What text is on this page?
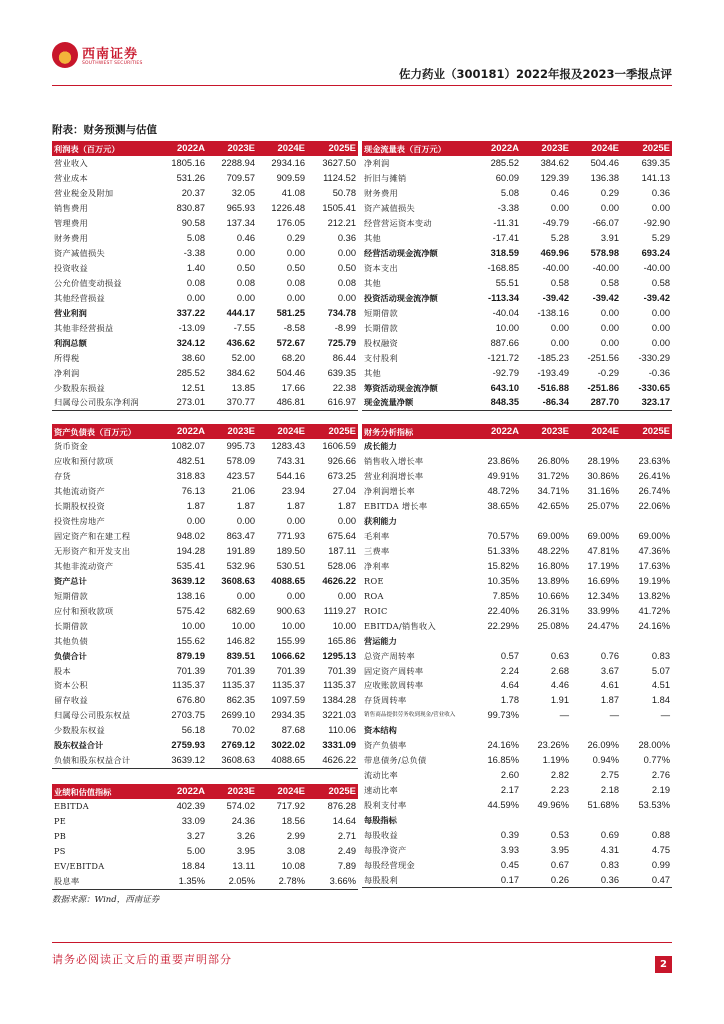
西南证券
SOUTHWEST SECURITIES
佐力药业（300181）2022年报及2023一季报点评
附表：财务预测与估值
利润表（百万元）	2022A	2023E	2024E	2025E
营业收入	1805.16	2288.94	2934.16	3627.50
营业成本	531.26	709.57	909.59	1124.52
营业税金及附加	20.37	32.05	41.08	50.78
销售费用	830.87	965.93	1226.48	1505.41
管理费用	90.58	137.34	176.05	212.21
财务费用	5.08	0.46	0.29	0.36
资产减值损失	-3.38	0.00	0.00	0.00
投资收益	1.40	0.50	0.50	0.50
公允价值变动损益	0.08	0.08	0.08	0.08
其他经营损益	0.00	0.00	0.00	0.00
营业利润	337.22	444.17	581.25	734.78
其他非经营损益	-13.09	-7.55	-8.58	-8.99
利润总额	324.12	436.62	572.67	725.79
所得税	38.60	52.00	68.20	86.44
净利润	285.52	384.62	504.46	639.35
少数股东损益	12.51	13.85	17.66	22.38
归属母公司股东净利润	273.01	370.77	486.81	616.97
现金流量表（百万元）	2022A	2023E	2024E	2025E
净利润	285.52	384.62	504.46	639.35
折旧与摊销	60.09	129.39	136.38	141.13
财务费用	5.08	0.46	0.29	0.36
资产减值损失	-3.38	0.00	0.00	0.00
经营营运资本变动	-11.31	-49.79	-66.07	-92.90
其他	-17.41	5.28	3.91	5.29
经营活动现金流净额	318.59	469.96	578.98	693.24
资本支出	-168.85	-40.00	-40.00	-40.00
其他	55.51	0.58	0.58	0.58
投资活动现金流净额	-113.34	-39.42	-39.42	-39.42
短期借款	-40.04	-138.16	0.00	0.00
长期借款	10.00	0.00	0.00	0.00
股权融资	887.66	0.00	0.00	0.00
支付股利	-121.72	-185.23	-251.56	-330.29
其他	-92.79	-193.49	-0.29	-0.36
筹资活动现金流净额	643.10	-516.88	-251.86	-330.65
现金流量净额	848.35	-86.34	287.70	323.17
资产负债表（百万元）	2022A	2023E	2024E	2025E
货币资金	1082.07	995.73	1283.43	1606.59
应收和预付款项	482.51	578.09	743.31	926.66
存货	318.83	423.57	544.16	673.25
其他流动资产	76.13	21.06	23.94	27.04
长期股权投资	1.87	1.87	1.87	1.87
投资性房地产	0.00	0.00	0.00	0.00
固定资产和在建工程	948.02	863.47	771.93	675.64
无形资产和开发支出	194.28	191.89	189.50	187.11
其他非流动资产	535.41	532.96	530.51	528.06
资产总计	3639.12	3608.63	4088.65	4626.22
短期借款	138.16	0.00	0.00	0.00
应付和预收款项	575.42	682.69	900.63	1119.27
长期借款	10.00	10.00	10.00	10.00
其他负债	155.62	146.82	155.99	165.86
负债合计	879.19	839.51	1066.62	1295.13
股本	701.39	701.39	701.39	701.39
资本公积	1135.37	1135.37	1135.37	1135.37
留存收益	676.80	862.35	1097.59	1384.28
归属母公司股东权益	2703.75	2699.10	2934.35	3221.03
少数股东权益	56.18	70.02	87.68	110.06
股东权益合计	2759.93	2769.12	3022.02	3331.09
负债和股东权益合计	3639.12	3608.63	4088.65	4626.22
业绩和估值指标	2022A	2023E	2024E	2025E
EBITDA	402.39	574.02	717.92	876.28
PE	33.09	24.36	18.56	14.64
PB	3.27	3.26	2.99	2.71
PS	5.00	3.95	3.08	2.49
EV/EBITDA	18.84	13.11	10.08	7.89
股息率	1.35%	2.05%	2.78%	3.66%
财务分析指标	2022A	2023E	2024E	2025E
成长能力				
销售收入增长率	23.86%	26.80%	28.19%	23.63%
营业利润增长率	49.91%	31.72%	30.86%	26.41%
净利润增长率	48.72%	34.71%	31.16%	26.74%
EBITDA 增长率	38.65%	42.65%	25.07%	22.06%
获利能力				
毛利率	70.57%	69.00%	69.00%	69.00%
三费率	51.33%	48.22%	47.81%	47.36%
净利率	15.82%	16.80%	17.19%	17.63%
ROE	10.35%	13.89%	16.69%	19.19%
ROA	7.85%	10.66%	12.34%	13.82%
ROIC	22.40%	26.31%	33.99%	41.72%
EBITDA/销售收入	22.29%	25.08%	24.47%	24.16%
营运能力				
总资产周转率	0.57	0.63	0.76	0.83
固定资产周转率	2.24	2.68	3.67	5.07
应收账款周转率	4.64	4.46	4.61	4.51
存货周转率	1.78	1.91	1.87	1.84
销售商品提供劳务收到现金/营业收入	99.73%	—	—	—
资本结构				
资产负债率	24.16%	23.26%	26.09%	28.00%
带息债务/总负债	16.85%	1.19%	0.94%	0.77%
流动比率	2.60	2.82	2.75	2.76
速动比率	2.17	2.23	2.18	2.19
股利支付率	44.59%	49.96%	51.68%	53.53%
每股指标				
每股收益	0.39	0.53	0.69	0.88
每股净资产	3.93	3.95	4.31	4.75
每股经营现金	0.45	0.67	0.83	0.99
每股股利	0.17	0.26	0.36	0.47
数据来源：Wind，西南证券
请务必阅读正文后的重要声明部分	2
